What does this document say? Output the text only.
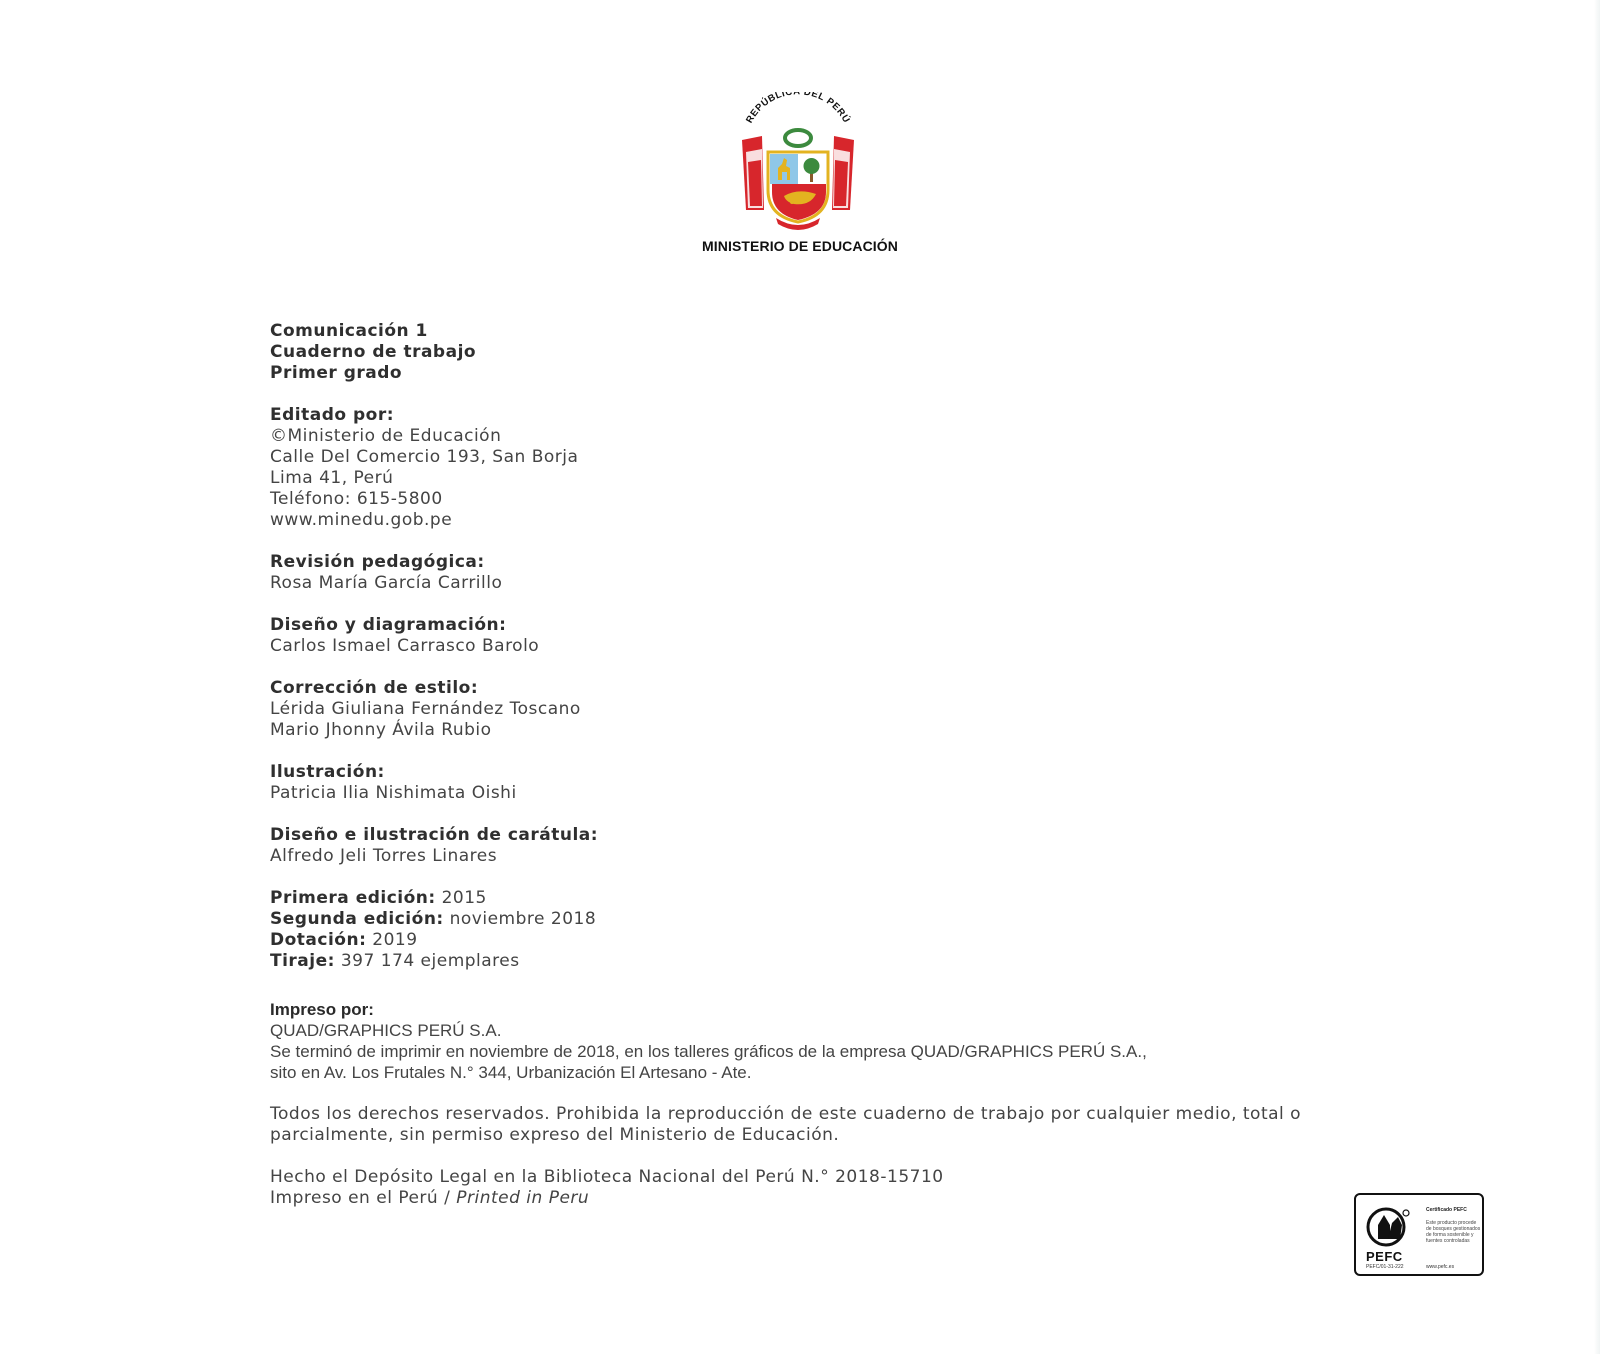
REPÚBLIC DEL PERÚ
MINISTERIO DE EDUCACIÓN
Comunicación 1
Cuaderno de trabajo
Primer grado
Editado por:
©Ministerio de Educación
Calle Del Comercio 193, San Borja
Lima 41, Perú
Teléfono: 615-5800
www.minedu.gob.pe
Revisión pedagógica:
Rosa María García Carrillo
Diseño y diagramación:
Carlos Ismael Carrasco Barolo
Corrección de estilo:
Lérida Giuliana Fernández Toscano
Mario Jhonny Ávila Rubio
Ilustración:
Patricia Ilia Nishimata Oishi
Diseño e ilustración de carátula:
Alfredo Jeli Torres Linares
Primera edición: 2015
Segunda edición: noviembre 2018
Dotación: 2019
Tiraje: 397 174 ejemplares
Impreso por:
QUAD/GRAPHICS PERÚ S.A.
Se terminó de imprimir en noviembre de 2018, en los talleres gráficos de la empresa QUAD/GRAPHICS PERÚ S.A.,
sito en Av. Los Frutales N.° 344, Urbanización El Artesano - Ate.
Todos los derechos reservados. Prohibida la reproducción de este cuaderno de trabajo por cualquier medio, total o parcialmente, sin permiso expreso del Ministerio de Educación.
Hecho el Depósito Legal en la Biblioteca Nacional del Perú N.° 2018-15710
Impreso en el Perú / Printed in Peru
PEFC
PEFC/01-31-222
Certificado PEFC
Este producto procede de bosques gestionados de forma sostenible y fuentes controladas
www.pefc.es
